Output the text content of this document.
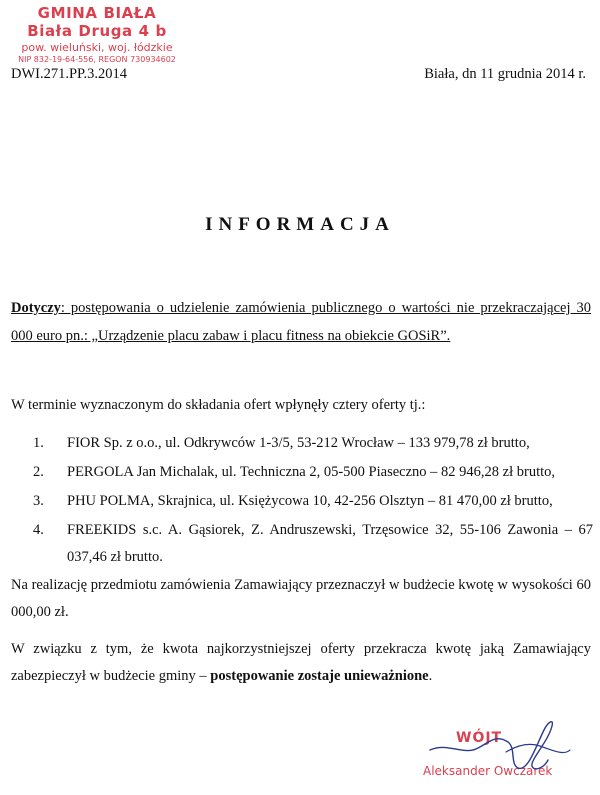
GMINA BIAŁA
Biała Druga 4 b
pow. wieluński, woj. łódzkie
NIP 832-19-64-556, REGON 730934602
DWI.271.PP.3.2014	Biała, dn 11 grudnia 2014 r.
INFORMACJA
Dotyczy: postępowania o udzielenie zamówienia publicznego o wartości nie przekraczającej 30 000 euro pn.: „Urządzenie placu zabaw i placu fitness na obiekcie GOSiR”.
W terminie wyznaczonym do składania ofert wpłynęły cztery oferty tj.:
1. FIOR Sp. z o.o., ul. Odkrywców 1-3/5, 53-212 Wrocław – 133 979,78 zł brutto,
2. PERGOLA Jan Michalak, ul. Techniczna 2, 05-500 Piaseczno – 82 946,28 zł brutto,
3. PHU POLMA, Skrajnica, ul. Księżycowa 10, 42-256 Olsztyn – 81 470,00 zł brutto,
4. FREEKIDS s.c. A. Gąsiorek, Z. Andruszewski, Trzęsowice 32, 55-106 Zawonia – 67 037,46 zł brutto.
Na realizację przedmiotu zamówienia Zamawiający przeznaczył w budżecie kwotę w wysokości 60 000,00 zł.
W związku z tym, że kwota najkorzystniejszej oferty przekracza kwotę jaką Zamawiający zabezpieczył w budżecie gminy – postępowanie zostaje unieważnione.
WÓJT
Aleksander Owczarek
